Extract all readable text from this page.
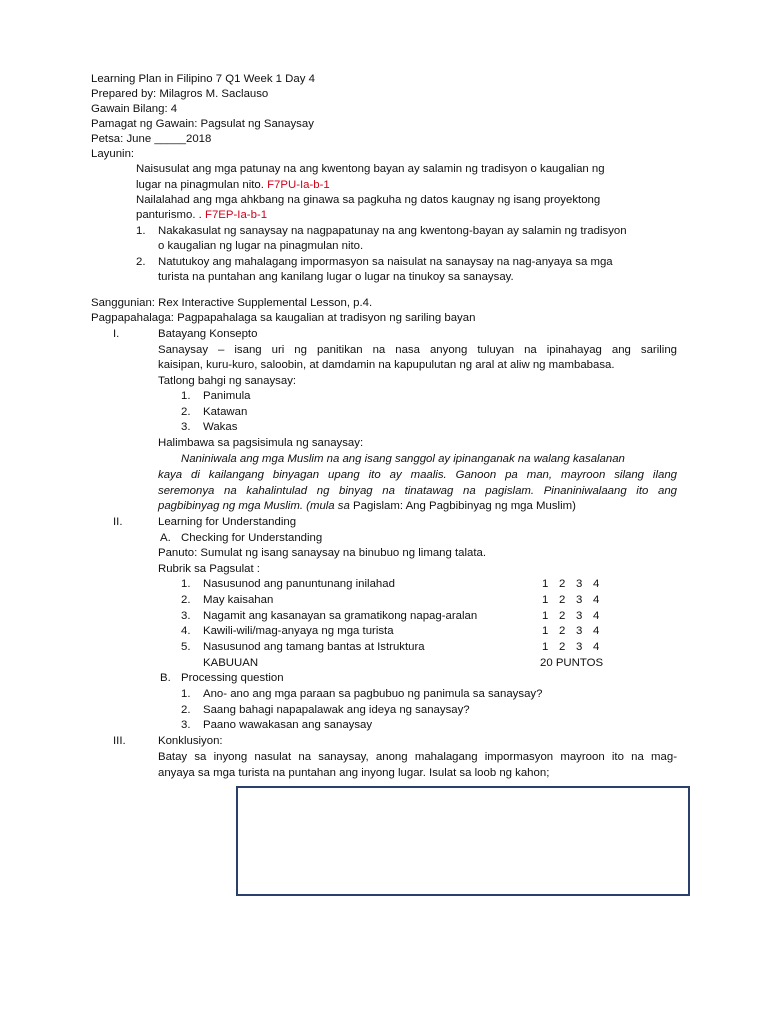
Learning Plan in Filipino 7 Q1 Week 1 Day 4
Prepared by: Milagros M. Saclauso
Gawain Bilang: 4
Pamagat ng Gawain: Pagsulat ng Sanaysay
Petsa: June _____2018
Layunin:
Naisusulat ang mga patunay na ang kwentong bayan ay salamin ng tradisyon o kaugalian ng
lugar na pinagmulan nito. F7PU-Ia-b-1
Nailalahad ang mga ahkbang na ginawa sa pagkuha ng datos kaugnay ng isang proyektong
panturismo. . F7EP-Ia-b-1
1. Nakakasulat ng sanaysay na nagpapatunay na ang kwentong-bayan ay salamin ng tradisyon
o kaugalian ng lugar na pinagmulan nito.
2. Natutukoy ang mahalagang impormasyon sa naisulat na sanaysay na nag-anyaya sa mga
turista na puntahan ang kanilang lugar o lugar na tinukoy sa sanaysay.
Sanggunian: Rex Interactive Supplemental Lesson, p.4.
Pagpapahalaga: Pagpapahalaga sa kaugalian at tradisyon ng sariling bayan
I.	Batayang Konsepto
Sanaysay – isang uri ng panitikan na nasa anyong tuluyan na ipinahayag ang sariling
kaisipan, kuru-kuro, saloobin, at damdamin na kapupulutan ng aral at aliw ng mambabasa.
Tatlong bahgi ng sanaysay:
1. Panimula
2. Katawan
3. Wakas
Halimbawa sa pagsisimula ng sanaysay:
Naniniwala ang mga Muslim na ang isang sanggol ay ipinanganak na walang kasalanan
kaya di kailangang binyagan upang ito ay maalis. Ganoon pa man, mayroon silang ilang
seremonya na kahalintulad ng binyag na tinatawag na pagislam. Pinaniniwalaang ito ang
pagbibinyag ng mga Muslim. (mula sa Pagislam: Ang Pagbibinyag ng mga Muslim)
II.	Learning for Understanding
A. Checking for Understanding
Panuto: Sumulat ng isang sanaysay na binubuo ng limang talata.
Rubrik sa Pagsulat :
1. Nasusunod ang panuntunang inilahad	1 2 3 4
2. May kaisahan	1 2 3 4
3. Nagamit ang kasanayan sa gramatikong napag-aralan	1 2 3 4
4. Kawili-wili/mag-anyaya ng mga turista	1 2 3 4
5. Nasusunod ang tamang bantas at Istruktura	1 2 3 4
KABUUAN	20 PUNTOS
B. Processing question
1. Ano- ano ang mga paraan sa pagbubuo ng panimula sa sanaysay?
2. Saang bahagi napapalawak ang ideya ng sanaysay?
3. Paano wawakasan ang sanaysay
III.	Konklusiyon:
Batay sa inyong nasulat na sanaysay, anong mahalagang impormasyon mayroon ito na mag-
anyaya sa mga turista na puntahan ang inyong lugar. Isulat sa loob ng kahon;
